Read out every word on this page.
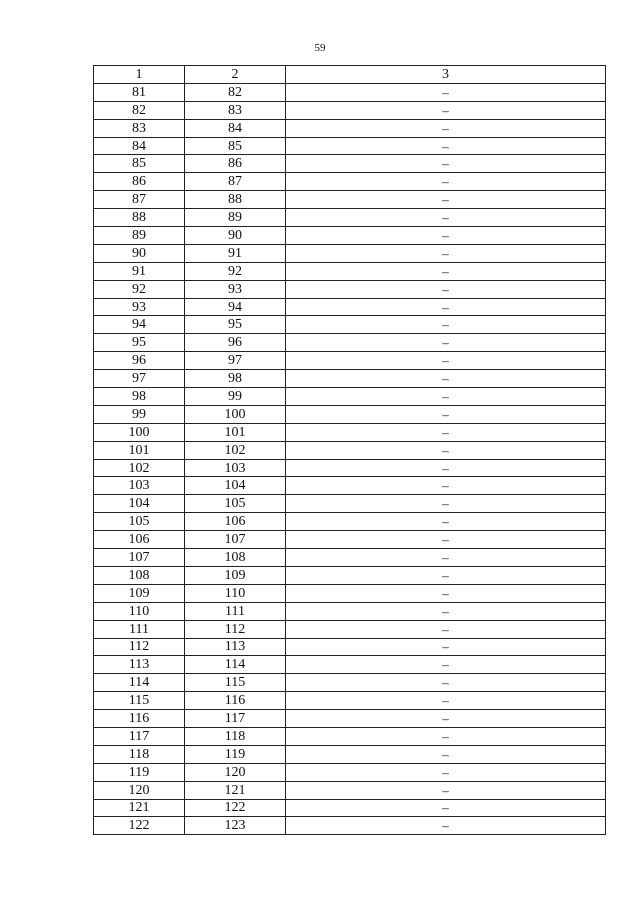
59
1	2	3
81	82	–
82	83	–
83	84	–
84	85	–
85	86	–
86	87	–
87	88	–
88	89	–
89	90	–
90	91	–
91	92	–
92	93	–
93	94	–
94	95	–
95	96	–
96	97	–
97	98	–
98	99	–
99	100	–
100	101	–
101	102	–
102	103	–
103	104	–
104	105	–
105	106	–
106	107	–
107	108	–
108	109	–
109	110	–
110	111	–
111	112	–
112	113	–
113	114	–
114	115	–
115	116	–
116	117	–
117	118	–
118	119	–
119	120	–
120	121	–
121	122	–
122	123	–
